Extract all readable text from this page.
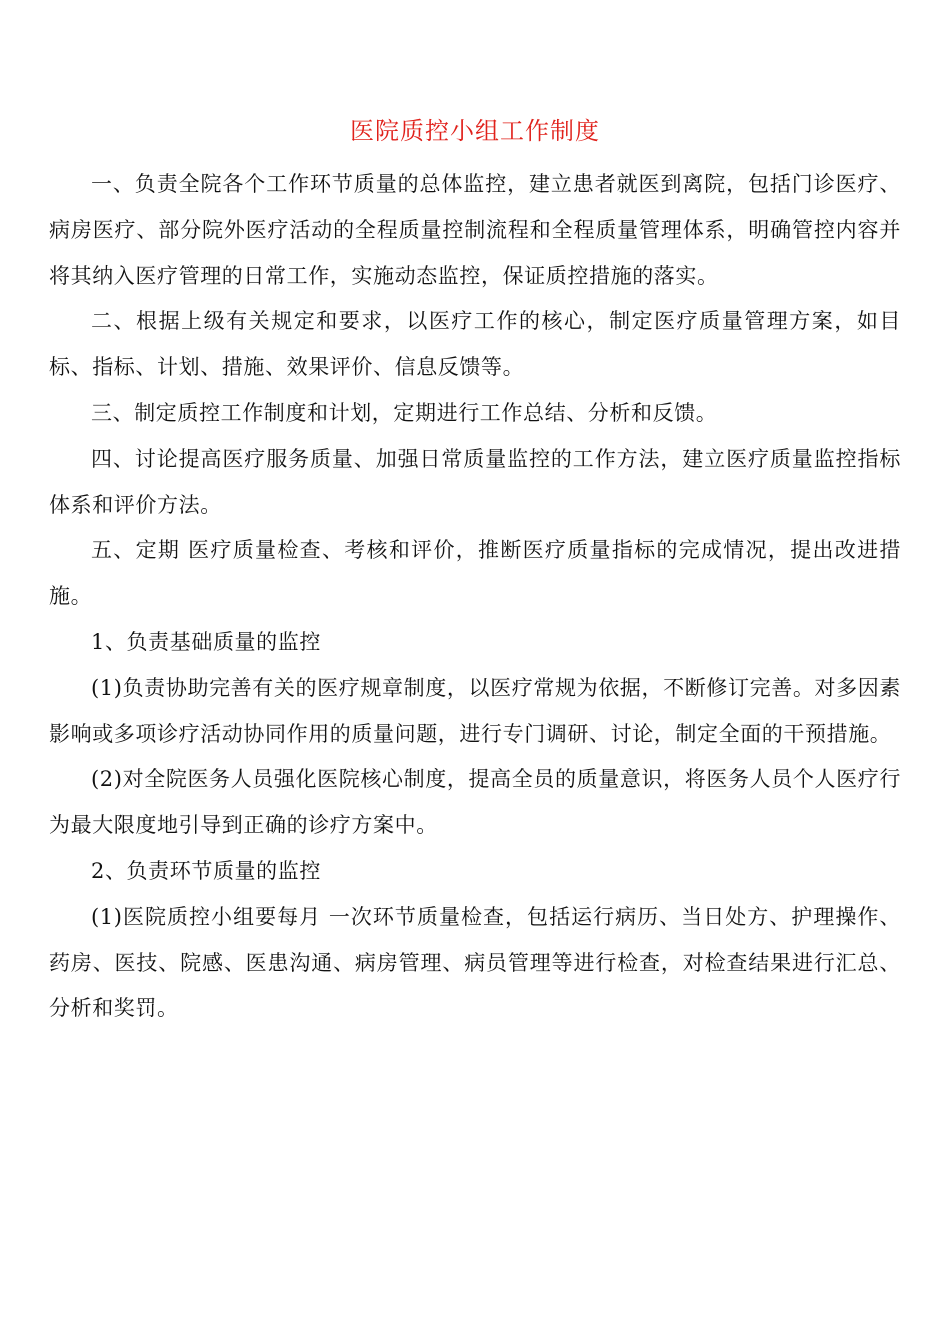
医院质控小组工作制度

一、负责全院各个工作环节质量的总体监控，建立患者就医到离院，包括门诊医疗、病房医疗、部分院外医疗活动的全程质量控制流程和全程质量管理体系，明确管控内容并将其纳入医疗管理的日常工作，实施动态监控，保证质控措施的落实。

二、根据上级有关规定和要求，以医疗工作的核心，制定医疗质量管理方案，如目标、指标、计划、措施、效果评价、信息反馈等。

三、制定质控工作制度和计划，定期进行工作总结、分析和反馈。

四、讨论提高医疗服务质量、加强日常质量监控的工作方法，建立医疗质量监控指标体系和评价方法。

五、定期 医疗质量检查、考核和评价，推断医疗质量指标的完成情况，提出改进措施。

1、负责基础质量的监控

(1)负责协助完善有关的医疗规章制度，以医疗常规为依据，不断修订完善。对多因素影响或多项诊疗活动协同作用的质量问题，进行专门调研、讨论，制定全面的干预措施。

(2)对全院医务人员强化医院核心制度，提高全员的质量意识，将医务人员个人医疗行为最大限度地引导到正确的诊疗方案中。

2、负责环节质量的监控

(1)医院质控小组要每月 一次环节质量检查，包括运行病历、当日处方、护理操作、药房、医技、院感、医患沟通、病房管理、病员管理等进行检查，对检查结果进行汇总、分析和奖罚。
